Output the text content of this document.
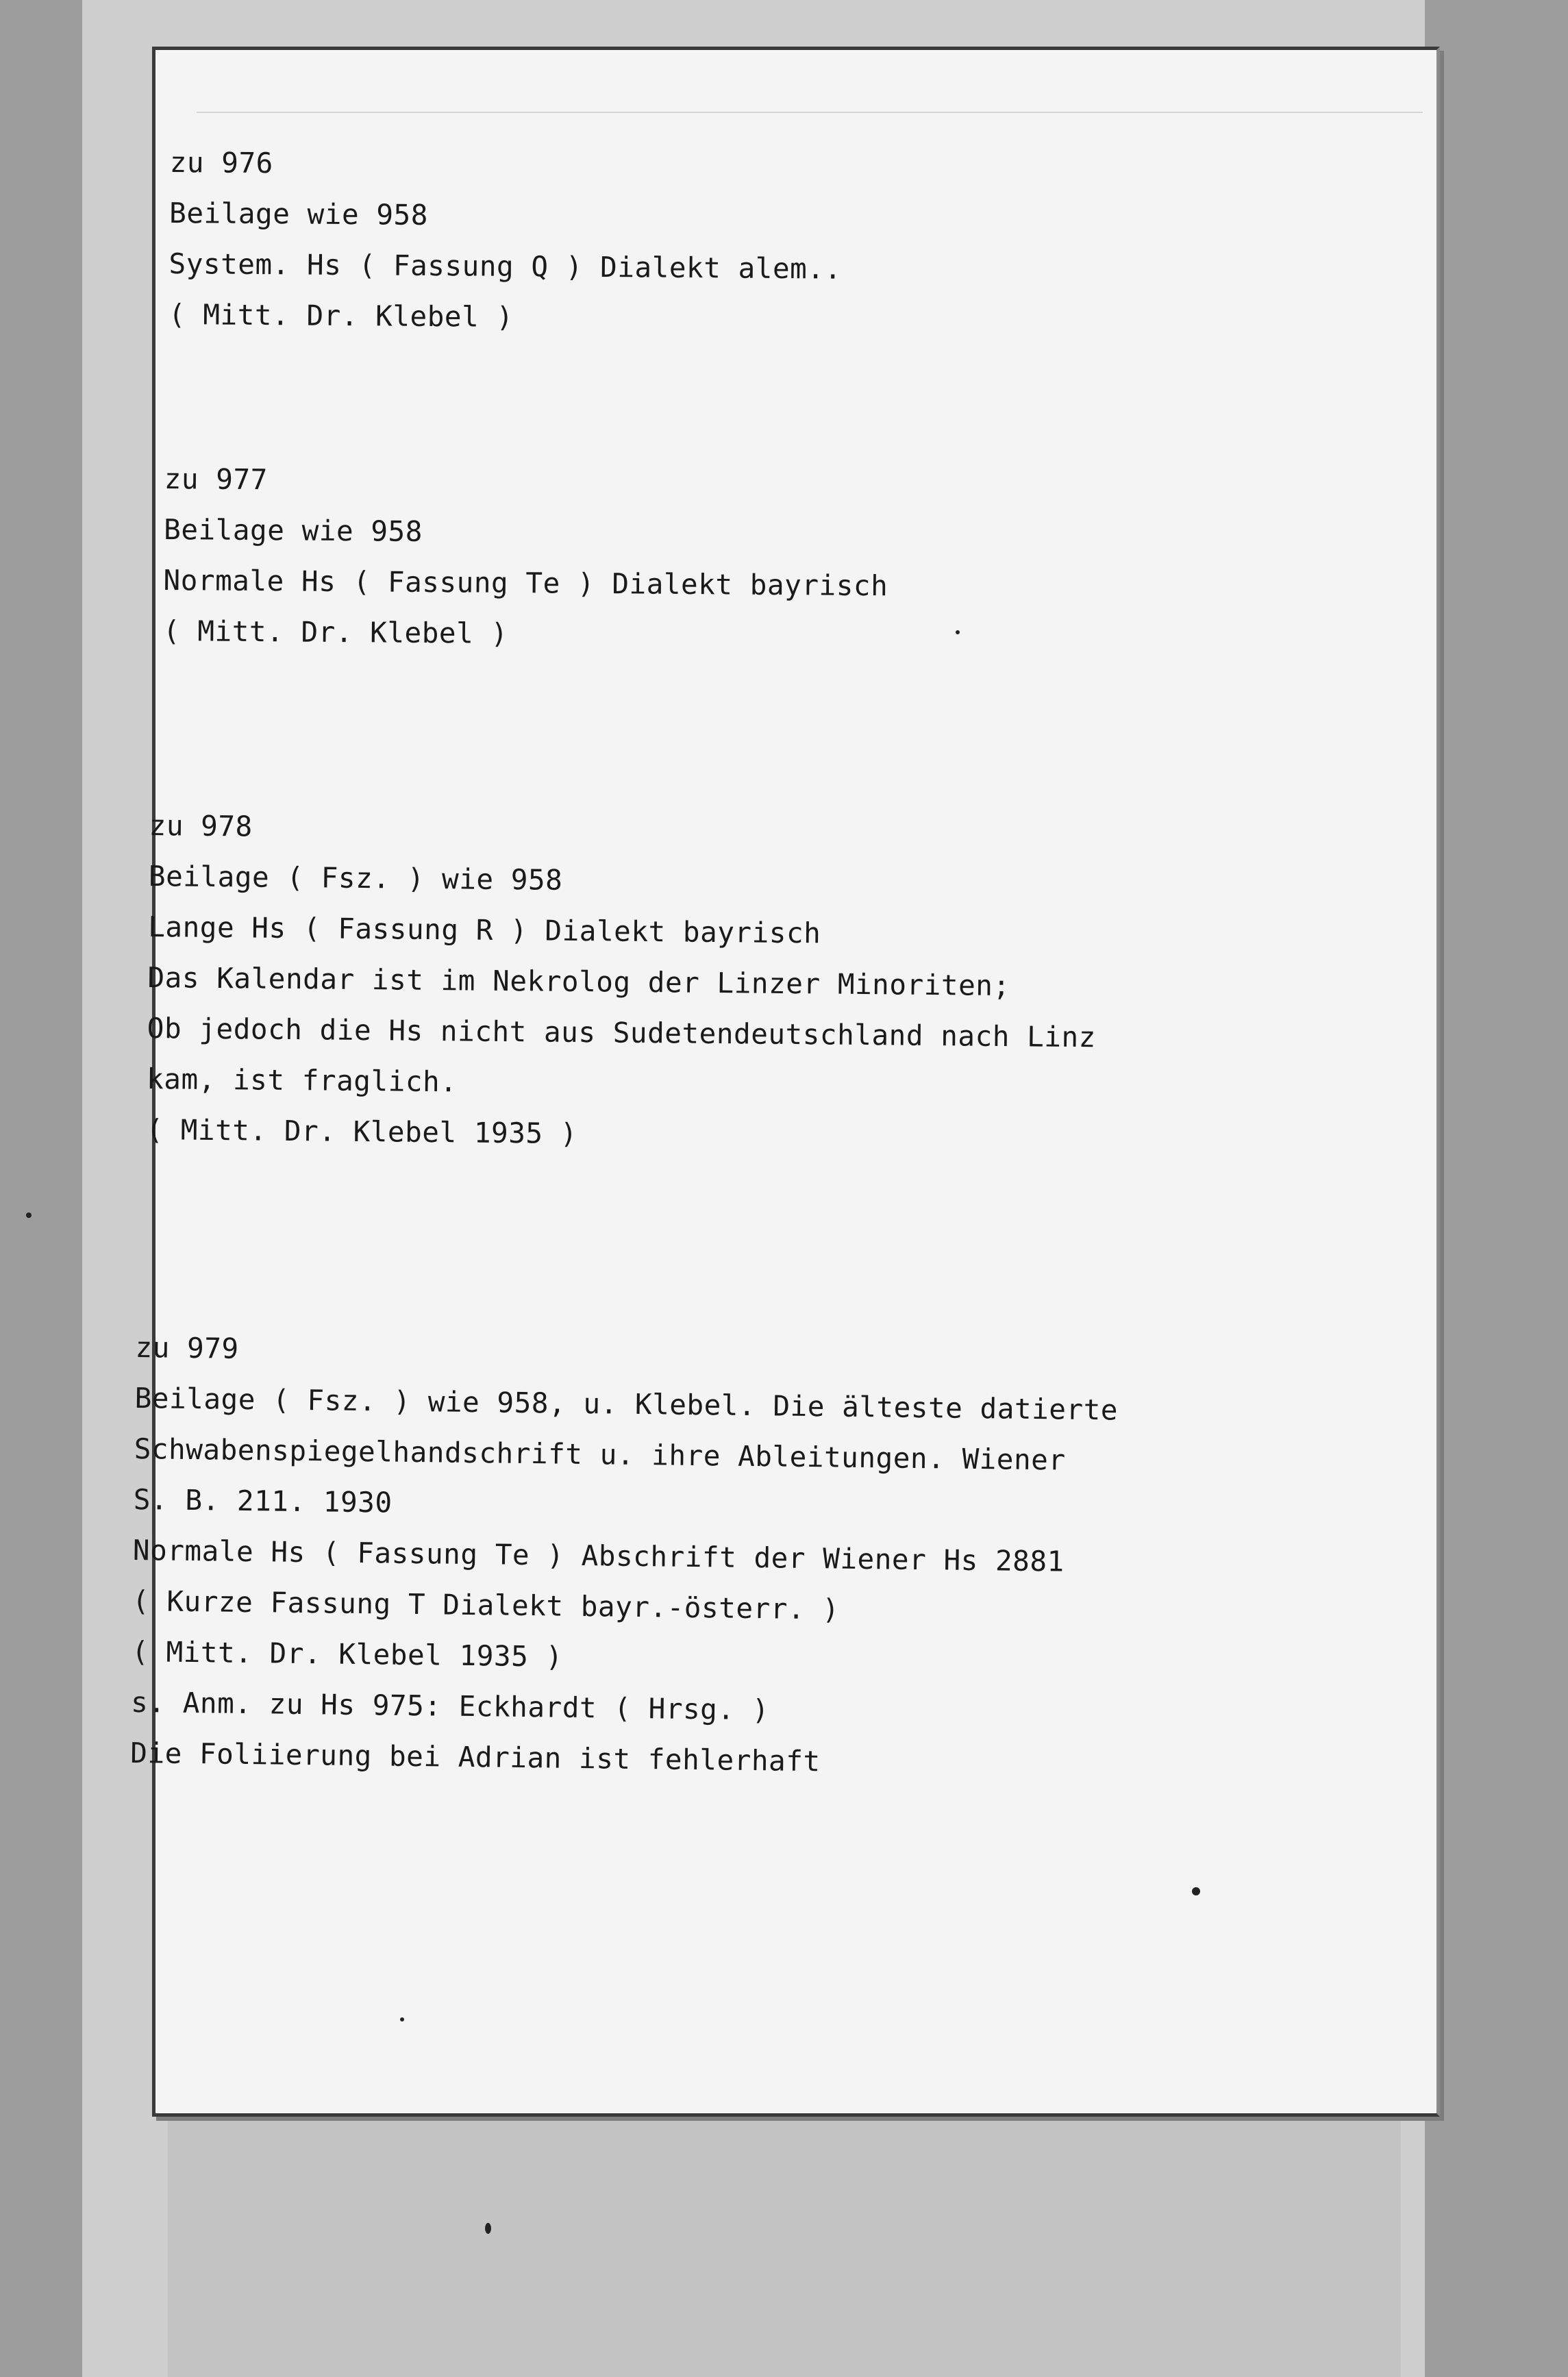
zu 976
Beilage wie 958
System. Hs ( Fassung Q ) Dialekt alem..
( Mitt. Dr. Klebel )
zu 977
Beilage wie 958
Normale Hs ( Fassung Te ) Dialekt bayrisch
( Mitt. Dr. Klebel )
zu 978
Beilage ( Fsz. ) wie 958
Lange Hs ( Fassung R ) Dialekt bayrisch
Das Kalendar ist im Nekrolog der Linzer Minoriten;
Ob jedoch die Hs nicht aus Sudetendeutschland nach Linz
kam, ist fraglich.
( Mitt. Dr. Klebel 1935 )
zu 979
Beilage ( Fsz. ) wie 958, u. Klebel. Die älteste datierte
Schwabenspiegelhandschrift u. ihre Ableitungen. Wiener
S. B. 211. 1930
Normale Hs ( Fassung Te ) Abschrift der Wiener Hs 2881
( Kurze Fassung T Dialekt bayr.-österr. )
( Mitt. Dr. Klebel 1935 )
s. Anm. zu Hs 975: Eckhardt ( Hrsg. )
Die Foliierung bei Adrian ist fehlerhaft
